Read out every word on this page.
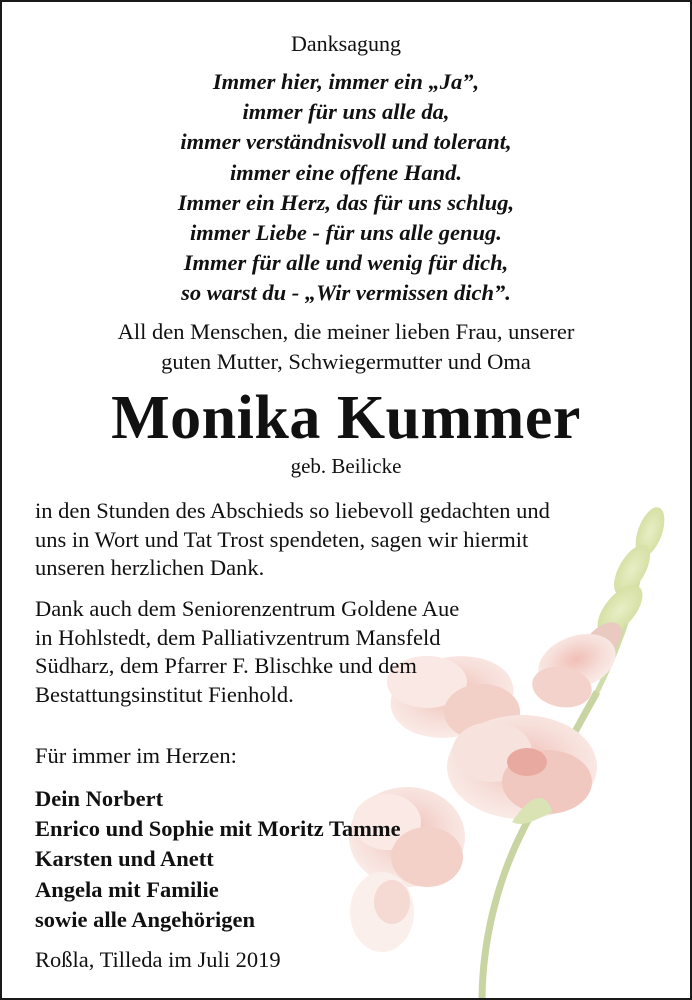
Danksagung
Immer hier, immer ein „Ja”,
immer für uns alle da,
immer verständnisvoll und tolerant,
immer eine offene Hand.
Immer ein Herz, das für uns schlug,
immer Liebe - für uns alle genug.
Immer für alle und wenig für dich,
so warst du - „Wir vermissen dich”.
All den Menschen, die meiner lieben Frau, unserer
guten Mutter, Schwiegermutter und Oma
Monika Kummer
geb. Beilicke
in den Stunden des Abschieds so liebevoll gedachten und
uns in Wort und Tat Trost spendeten, sagen wir hiermit
unseren herzlichen Dank.
Dank auch dem Seniorenzentrum Goldene Aue
in Hohlstedt, dem Palliativzentrum Mansfeld
Südharz, dem Pfarrer F. Blischke und dem
Bestattungsinstitut Fienhold.
Für immer im Herzen:
Dein Norbert
Enrico und Sophie mit Moritz Tamme
Karsten und Anett
Angela mit Familie
sowie alle Angehörigen
Roßla, Tilleda im Juli 2019
